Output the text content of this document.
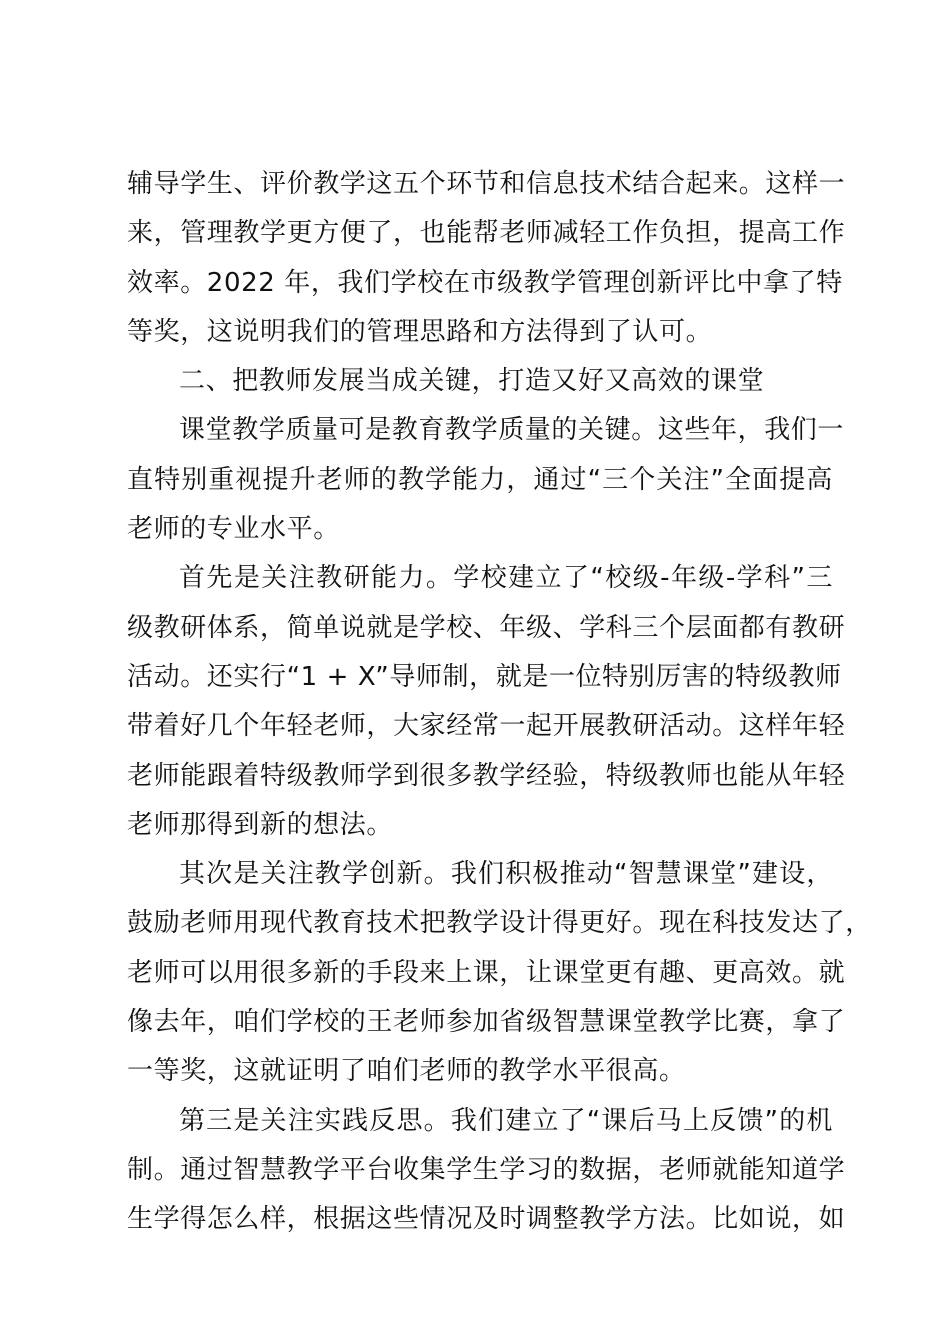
辅导学生、评价教学这五个环节和信息技术结合起来。这样一
来，管理教学更方便了，也能帮老师减轻工作负担，提高工作
效率。2022 年，我们学校在市级教学管理创新评比中拿了特
等奖，这说明我们的管理思路和方法得到了认可。
二、把教师发展当成关键，打造又好又高效的课堂
课堂教学质量可是教育教学质量的关键。这些年，我们一
直特别重视提升老师的教学能力，通过“三个关注”全面提高
老师的专业水平。
首先是关注教研能力。学校建立了“校级-年级-学科”三
级教研体系，简单说就是学校、年级、学科三个层面都有教研
活动。还实行“1 + X”导师制，就是一位特别厉害的特级教师
带着好几个年轻老师，大家经常一起开展教研活动。这样年轻
老师能跟着特级教师学到很多教学经验，特级教师也能从年轻
老师那得到新的想法。
其次是关注教学创新。我们积极推动“智慧课堂”建设，
鼓励老师用现代教育技术把教学设计得更好。现在科技发达了，
老师可以用很多新的手段来上课，让课堂更有趣、更高效。就
像去年，咱们学校的王老师参加省级智慧课堂教学比赛，拿了
一等奖，这就证明了咱们老师的教学水平很高。
第三是关注实践反思。我们建立了“课后马上反馈”的机
制。通过智慧教学平台收集学生学习的数据，老师就能知道学
生学得怎么样，根据这些情况及时调整教学方法。比如说，如
